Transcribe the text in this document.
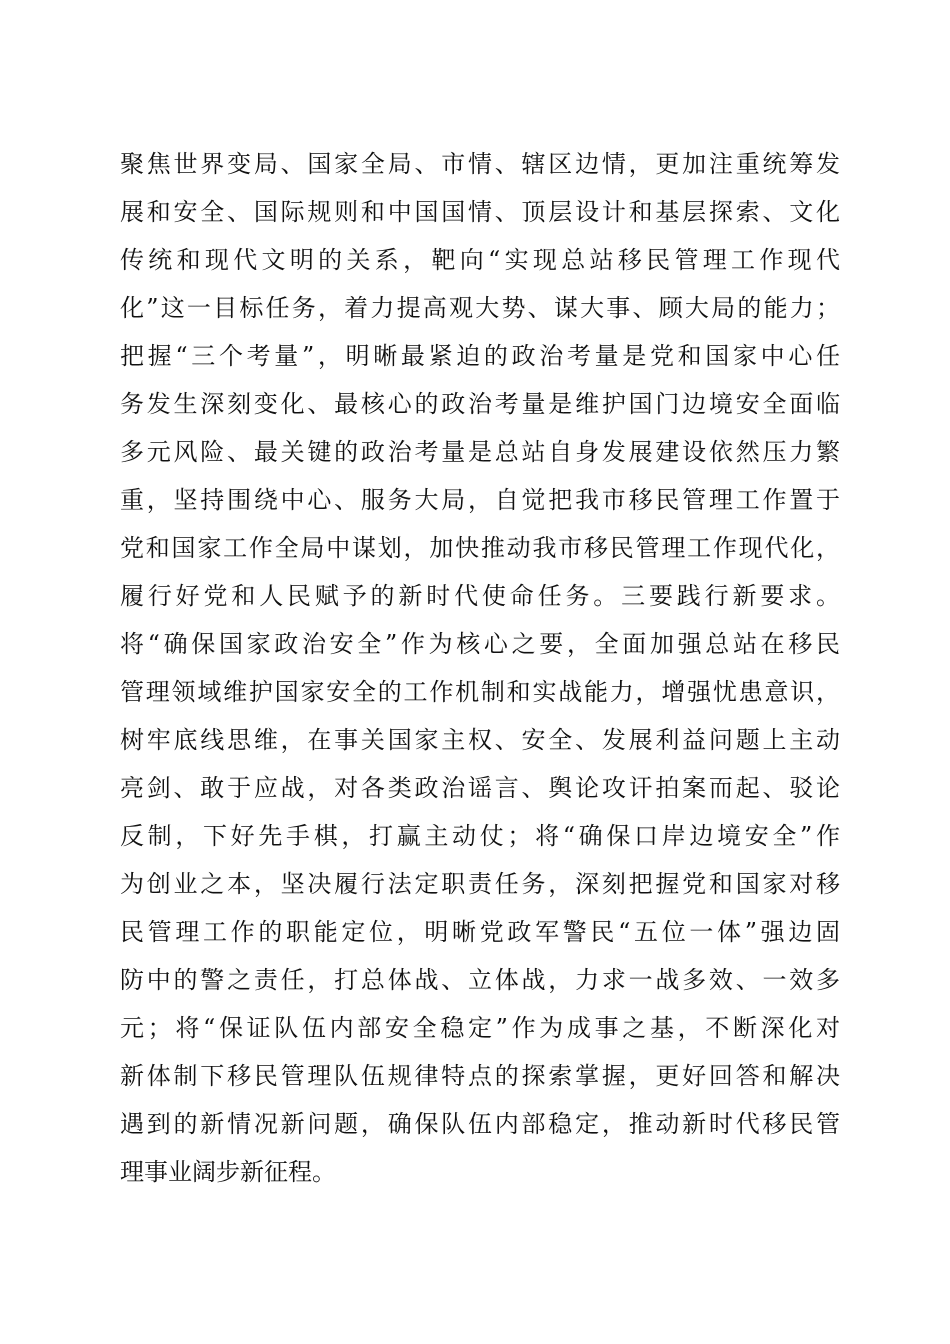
聚焦世界变局、国家全局、市情、辖区边情，更加注重统筹发
展和安全、国际规则和中国国情、顶层设计和基层探索、文化
传统和现代文明的关系，靶向“实现总站移民管理工作现代
化”这一目标任务，着力提高观大势、谋大事、顾大局的能力；
把握“三个考量”，明晰最紧迫的政治考量是党和国家中心任
务发生深刻变化、最核心的政治考量是维护国门边境安全面临
多元风险、最关键的政治考量是总站自身发展建设依然压力繁
重，坚持围绕中心、服务大局，自觉把我市移民管理工作置于
党和国家工作全局中谋划，加快推动我市移民管理工作现代化，
履行好党和人民赋予的新时代使命任务。三要践行新要求。
将“确保国家政治安全”作为核心之要，全面加强总站在移民
管理领域维护国家安全的工作机制和实战能力，增强忧患意识，
树牢底线思维，在事关国家主权、安全、发展利益问题上主动
亮剑、敢于应战，对各类政治谣言、舆论攻讦拍案而起、驳论
反制，下好先手棋，打赢主动仗；将“确保口岸边境安全”作
为创业之本，坚决履行法定职责任务，深刻把握党和国家对移
民管理工作的职能定位，明晰党政军警民“五位一体”强边固
防中的警之责任，打总体战、立体战，力求一战多效、一效多
元；将“保证队伍内部安全稳定”作为成事之基，不断深化对
新体制下移民管理队伍规律特点的探索掌握，更好回答和解决
遇到的新情况新问题，确保队伍内部稳定，推动新时代移民管
理事业阔步新征程。
